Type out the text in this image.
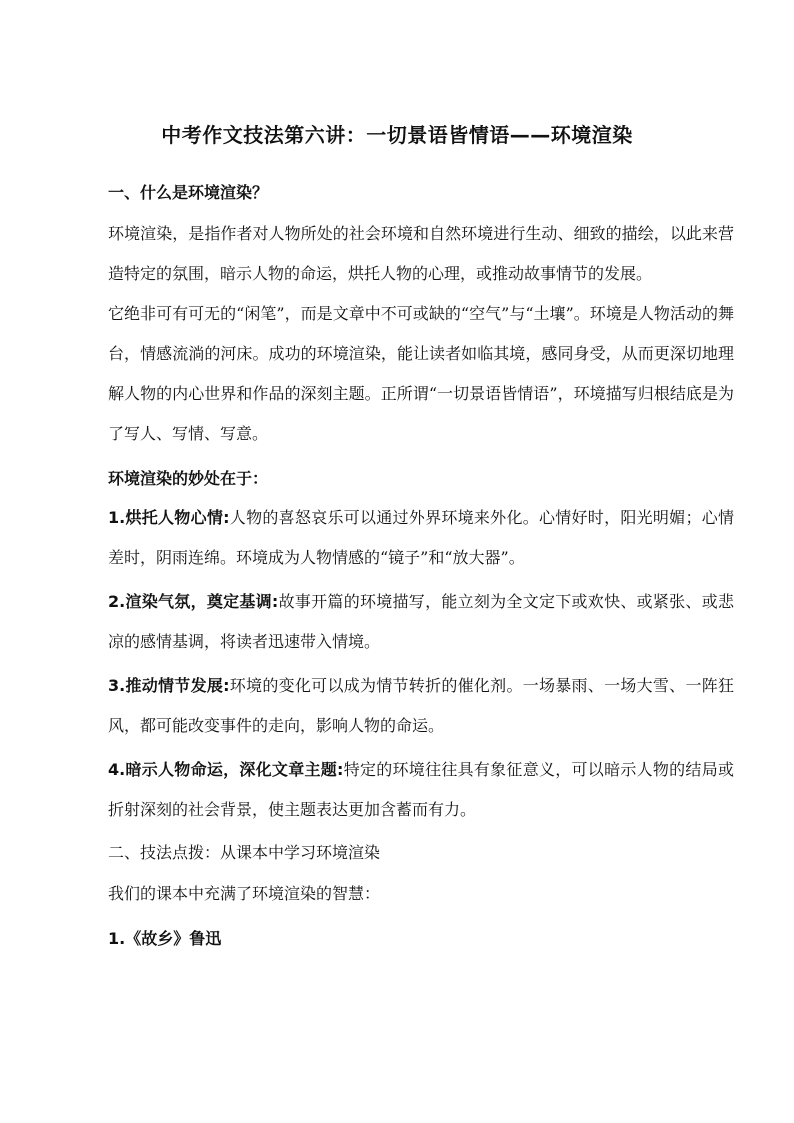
中考作文技法第六讲：一切景语皆情语——环境渲染

一、什么是环境渲染？

环境渲染，是指作者对人物所处的社会环境和自然环境进行生动、细致的描绘，以此来营造特定的氛围，暗示人物的命运，烘托人物的心理，或推动故事情节的发展。

它绝非可有可无的“闲笔”，而是文章中不可或缺的“空气”与“土壤”。环境是人物活动的舞台，情感流淌的河床。成功的环境渲染，能让读者如临其境，感同身受，从而更深切地理解人物的内心世界和作品的深刻主题。正所谓“一切景语皆情语”，环境描写归根结底是为了写人、写情、写意。

环境渲染的妙处在于：

1.烘托人物心情:人物的喜怒哀乐可以通过外界环境来外化。心情好时，阳光明媚；心情差时，阴雨连绵。环境成为人物情感的“镜子”和“放大器”。

2.渲染气氛，奠定基调:故事开篇的环境描写，能立刻为全文定下或欢快、或紧张、或悲凉的感情基调，将读者迅速带入情境。

3.推动情节发展:环境的变化可以成为情节转折的催化剂。一场暴雨、一场大雪、一阵狂风，都可能改变事件的走向，影响人物的命运。

4.暗示人物命运，深化文章主题:特定的环境往往具有象征意义，可以暗示人物的结局或折射深刻的社会背景，使主题表达更加含蓄而有力。

二、技法点拨：从课本中学习环境渲染

我们的课本中充满了环境渲染的智慧：

1.《故乡》鲁迅
